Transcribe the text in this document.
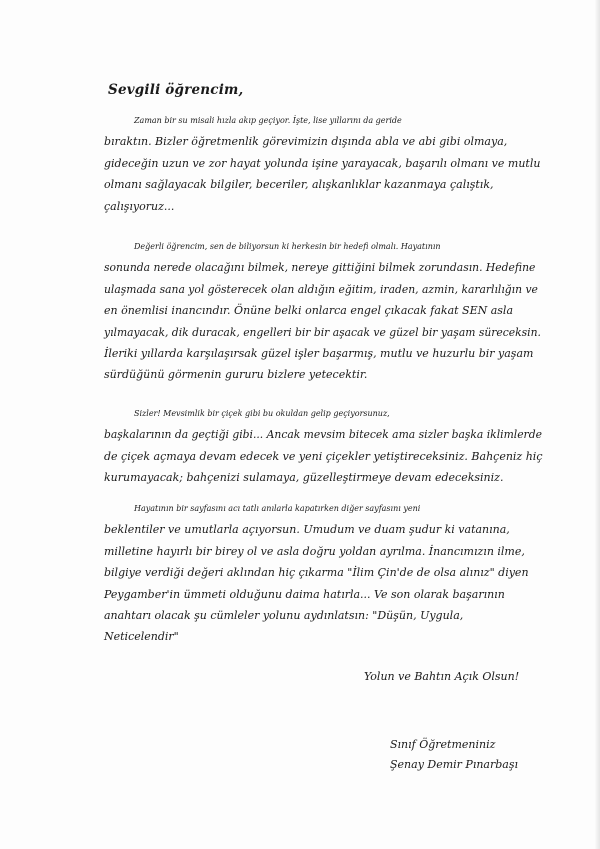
Sevgili öğrencim,

Zaman bir su misali hızla akıp geçiyor. İşte, lise yıllarını da geride
bıraktın. Bizler öğretmenlik görevimizin dışında abla ve abi gibi olmaya,
gideceğin uzun ve zor hayat yolunda işine yarayacak, başarılı olmanı ve mutlu
olmanı sağlayacak bilgiler, beceriler, alışkanlıklar kazanmaya çalıştık,
çalışıyoruz...

Değerli öğrencim, sen de biliyorsun ki herkesin bir hedefi olmalı. Hayatının
sonunda nerede olacağını bilmek, nereye gittiğini bilmek zorundasın. Hedefine
ulaşmada sana yol gösterecek olan aldığın eğitim, iraden, azmin, kararlılığın ve
en önemlisi inancındır. Önüne belki onlarca engel çıkacak fakat SEN asla
yılmayacak, dik duracak, engelleri bir bir aşacak ve güzel bir yaşam süreceksin.
İleriki yıllarda karşılaşırsak güzel işler başarmış, mutlu ve huzurlu bir yaşam
sürdüğünü görmenin gururu bizlere yetecektir.

Sizler! Mevsimlik bir çiçek gibi bu okuldan gelip geçiyorsunuz,
başkalarının da geçtiği gibi... Ancak mevsim bitecek ama sizler başka iklimlerde
de çiçek açmaya devam edecek ve yeni çiçekler yetiştireceksiniz. Bahçeniz hiç
kurumayacak; bahçenizi sulamaya, güzelleştirmeye devam edeceksiniz.

Hayatının bir sayfasını acı tatlı anılarla kapatırken diğer sayfasını yeni
beklentiler ve umutlarla açıyorsun. Umudum ve duam şudur ki vatanına,
milletine hayırlı bir birey ol ve asla doğru yoldan ayrılma. İnancımızın ilme,
bilgiye verdiği değeri aklından hiç çıkarma "İlim Çin'de de olsa alınız" diyen
Peygamber'in ümmeti olduğunu daima hatırla... Ve son olarak başarının
anahtarı olacak şu cümleler yolunu aydınlatsın: "Düşün, Uygula,
Neticelendir"

Yolun ve Bahtın Açık Olsun!
Sınıf Öğretmeniniz
Şenay Demir Pınarbaşı
